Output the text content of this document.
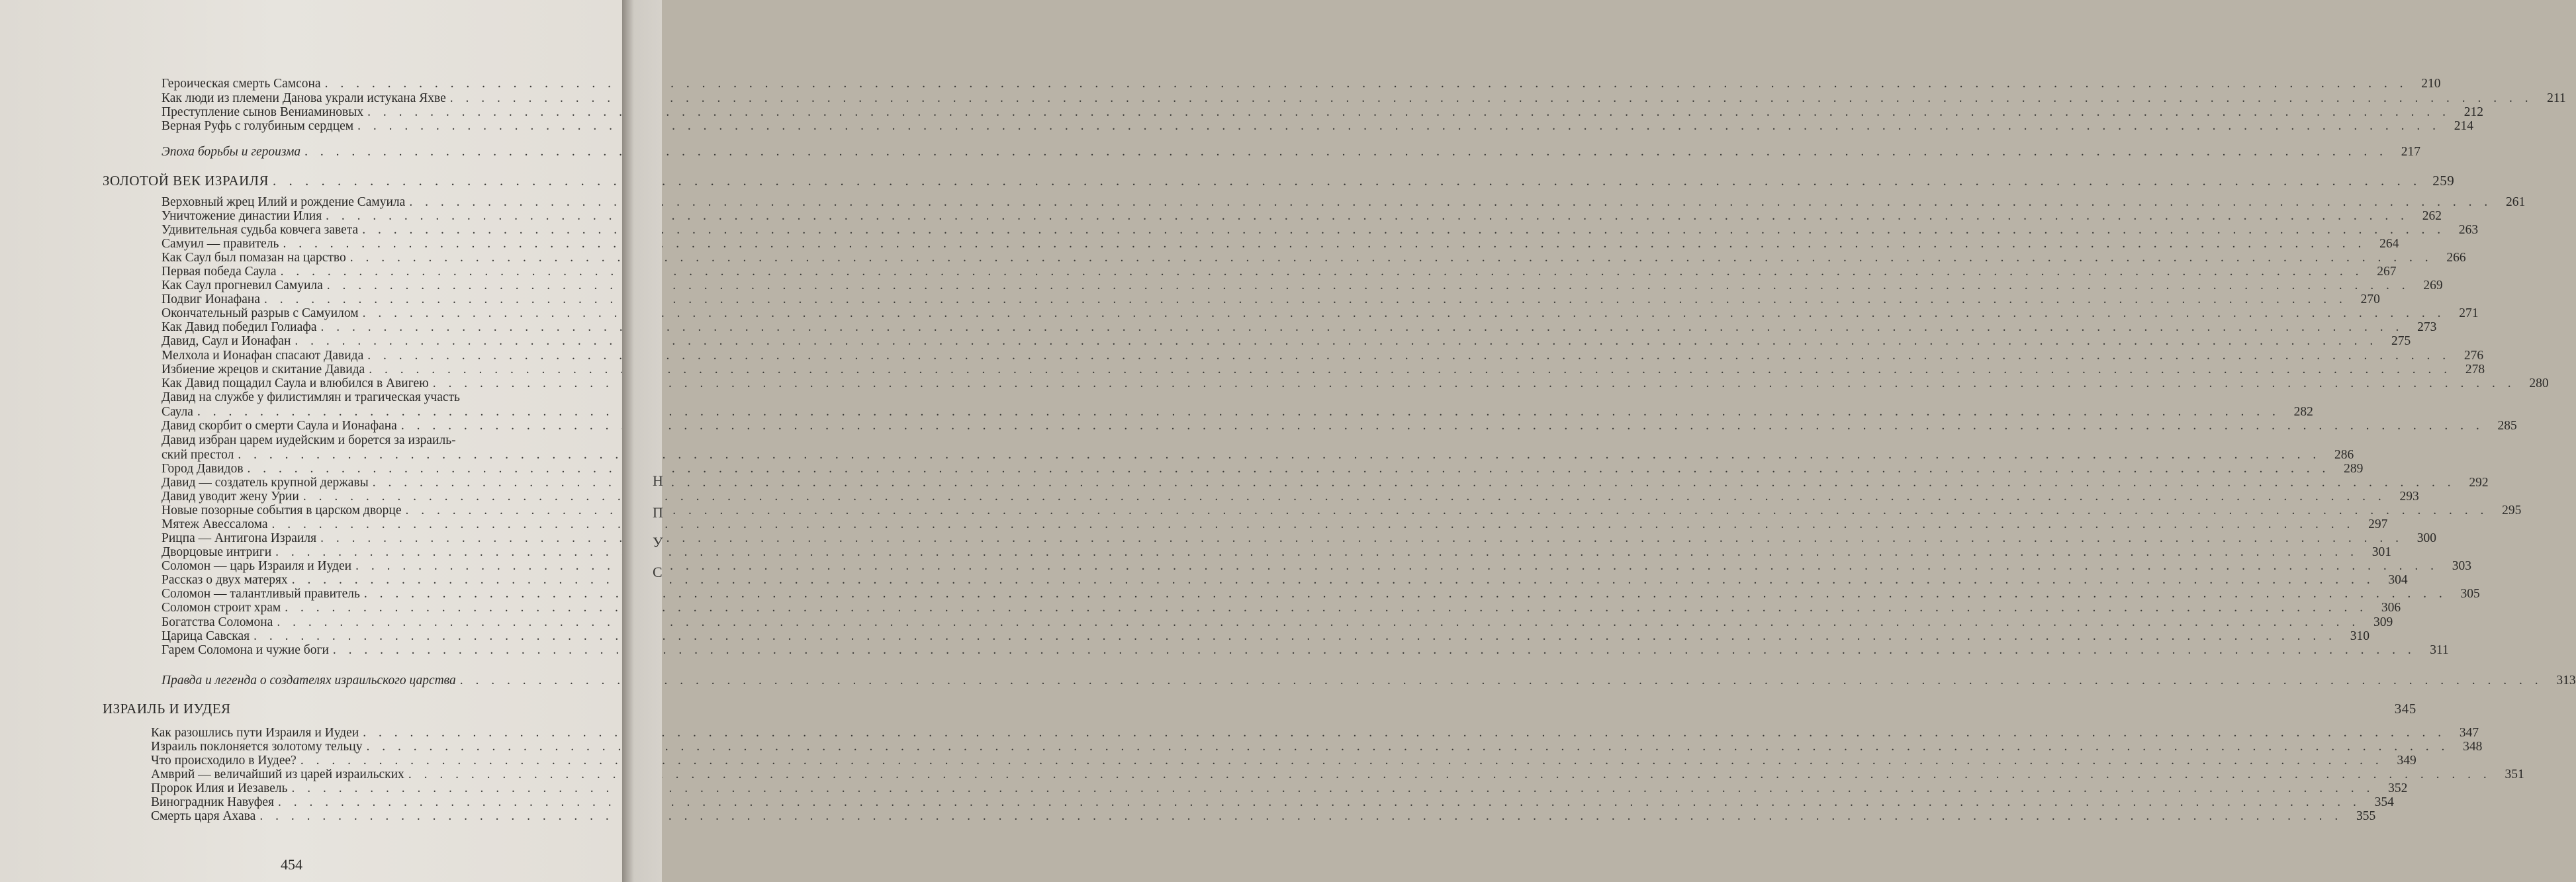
Героическая смерть Самсона . . .	210
Как люди из племени Данова украли истукана Яхве . . .	211
Преступление сынов Вениаминовых . . .	212
Верная Руфь с голубиным сердцем . . .	214
Эпоха борьбы и героизма . . .	217
ЗОЛОТОЙ ВЕК ИЗРАИЛЯ . . .	259
Верховный жрец Илий и рождение Самуила . . .	261
Уничтожение династии Илия . . .	262
Удивительная судьба ковчега завета . . .	263
Самуил — правитель . . .	264
Как Саул был помазан на царство . . .	266
Первая победа Саула . . .	267
Как Саул прогневил Самуила . . .	269
Подвиг Ионафана . . .	270
Окончательный разрыв с Самуилом . . .	271
Как Давид победил Голиафа . . .	273
Давид, Саул и Ионафан . . .	275
Мелхола и Ионафан спасают Давида . . .	276
Избиение жрецов и скитание Давида . . .	278
Как Давид пощадил Саула и влюбился в Авигею . . .	280
Давид на службе у филистимлян и трагическая участь
Саула . . .	282
Давид скорбит о смерти Саула и Ионафана . . .	285
Давид избран царем иудейским и борется за израиль-
ский престол . . .	286
Город Давидов . . .	289
Давид — создатель крупной державы . . .	292
Давид уводит жену Урии . . .	293
Новые позорные события в царском дворце . . .	295
Мятеж Авессалома . . .	297
Рицпа — Антигона Израиля . . .	300
Дворцовые интриги . . .	301
Соломон — царь Израиля и Иудеи . . .	303
Рассказ о двух матерях . . .	304
Соломон — талантливый правитель . . .	305
Соломон строит храм . . .	306
Богатства Соломона . . .	309
Царица Савская . . .	310
Гарем Соломона и чужие боги . . .	311
Правда и легенда о создателях израильского царства . . .	313
ИЗРАИЛЬ И ИУДЕЯ	345
Как разошлись пути Израиля и Иудеи . . .	347
Израиль поклоняется золотому тельцу . . .	348
Что происходило в Иудее? . . .	349
Амврий — величайший из царей израильских . . .	351
Пророк Илия и Иезавель . . .	352
Виноградник Навуфея . . .	354
Смерть царя Ахава . . .	355
454
Н
П
У
С
